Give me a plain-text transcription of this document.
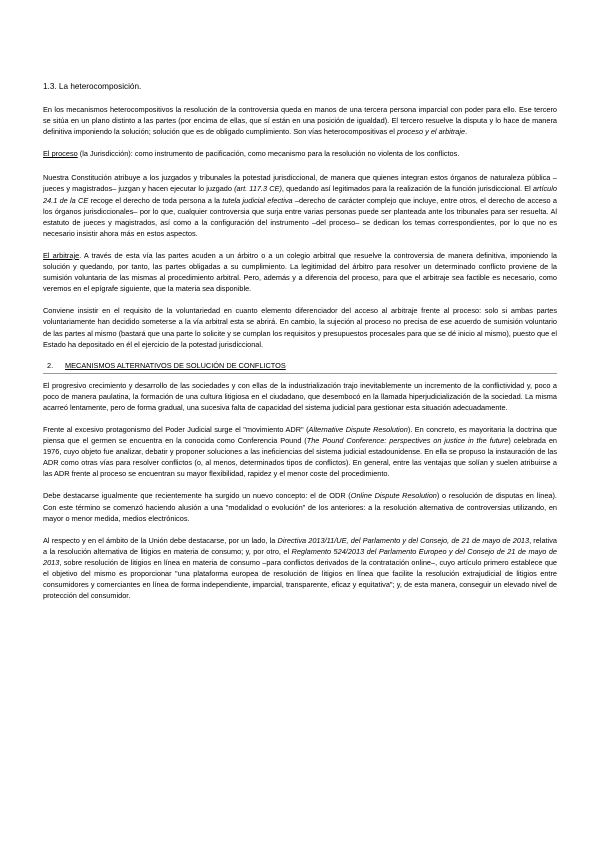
1.3. La heterocomposición.

En los mecanismos heterocompositivos la resolución de la controversia queda en manos de una tercera persona imparcial con poder para ello. Ese tercero se sitúa en un plano distinto a las partes (por encima de ellas, que sí están en una posición de igualdad). El tercero resuelve la disputa y lo hace de manera definitiva imponiendo la solución; solución que es de obligado cumplimiento. Son vías heterocompositivas el proceso y el arbitraje.

El proceso (la Jurisdicción): como instrumento de pacificación, como mecanismo para la resolución no violenta de los conflictos.

Nuestra Constitución atribuye a los juzgados y tribunales la potestad jurisdiccional, de manera que quienes integran estos órganos de naturaleza pública –jueces y magistrados– juzgan y hacen ejecutar lo juzgado (art. 117.3 CE), quedando así legitimados para la realización de la función jurisdiccional. El artículo 24.1 de la CE recoge el derecho de toda persona a la tutela judicial efectiva –derecho de carácter complejo que incluye, entre otros, el derecho de acceso a los órganos jurisdiccionales– por lo que, cualquier controversia que surja entre varias personas puede ser planteada ante los tribunales para ser resuelta. Al estatuto de jueces y magistrados, así como a la configuración del instrumento –del proceso– se dedican los temas correspondientes, por lo que no es necesario insistir ahora más en estos aspectos.

El arbitraje. A través de esta vía las partes acuden a un árbitro o a un colegio arbitral que resuelve la controversia de manera definitiva, imponiendo la solución y quedando, por tanto, las partes obligadas a su cumplimiento. La legitimidad del árbitro para resolver un determinado conflicto proviene de la sumisión voluntaria de las mismas al procedimiento arbitral. Pero, además y a diferencia del proceso, para que el arbitraje sea factible es necesario, como veremos en el epígrafe siguiente, que la materia sea disponible.

Conviene insistir en el requisito de la voluntariedad en cuanto elemento diferenciador del acceso al arbitraje frente al proceso: solo si ambas partes voluntariamente han decidido someterse a la vía arbitral esta se abrirá. En cambio, la sujeción al proceso no precisa de ese acuerdo de sumisión voluntario de las partes al mismo (bastará que una parte lo solicite y se cumplan los requisitos y presupuestos procesales para que se dé inicio al mismo), puesto que el Estado ha depositado en él el ejercicio de la potestad jurisdiccional.

2. MECANISMOS ALTERNATIVOS DE SOLUCIÓN DE CONFLICTOS

El progresivo crecimiento y desarrollo de las sociedades y con ellas de la industrialización trajo inevitablemente un incremento de la conflictividad y, poco a poco de manera paulatina, la formación de una cultura litigiosa en el ciudadano, que desembocó en la llamada hiperjudicialización de la sociedad. La misma acarreó lentamente, pero de forma gradual, una sucesiva falta de capacidad del sistema judicial para gestionar esta situación adecuadamente.

Frente al excesivo protagonismo del Poder Judicial surge el "movimiento ADR" (Alternative Dispute Resolution). En concreto, es mayoritaria la doctrina que piensa que el germen se encuentra en la conocida como Conferencia Pound (The Pound Conference: perspectives on justice in the future) celebrada en 1976, cuyo objeto fue analizar, debatir y proponer soluciones a las ineficiencias del sistema judicial estadounidense. En ella se propuso la instauración de las ADR como otras vías para resolver conflictos (o, al menos, determinados tipos de conflictos). En general, entre las ventajas que solían y suelen atribuirse a las ADR frente al proceso se encuentran su mayor flexibilidad, rapidez y el menor coste del procedimiento.

Debe destacarse igualmente que recientemente ha surgido un nuevo concepto: el de ODR (Online Dispute Resolution) o resolución de disputas en línea). Con este término se comenzó haciendo alusión a una "modalidad o evolución" de los anteriores: a la resolución alternativa de controversias utilizando, en mayor o menor medida, medios electrónicos.

Al respecto y en el ámbito de la Unión debe destacarse, por un lado, la Directiva 2013/11/UE, del Parlamento y del Consejo, de 21 de mayo de 2013, relativa a la resolución alternativa de litigios en materia de consumo; y, por otro, el Reglamento 524/2013 del Parlamento Europeo y del Consejo de 21 de mayo de 2013, sobre resolución de litigios en línea en materia de consumo –para conflictos derivados de la contratación online–, cuyo artículo primero establece que el objetivo del mismo es proporcionar "una plataforma europea de resolución de litigios en línea que facilite la resolución extrajudicial de litigios entre consumidores y comerciantes en línea de forma independiente, imparcial, transparente, eficaz y equitativa"; y, de esta manera, conseguir un elevado nivel de protección del consumidor.
